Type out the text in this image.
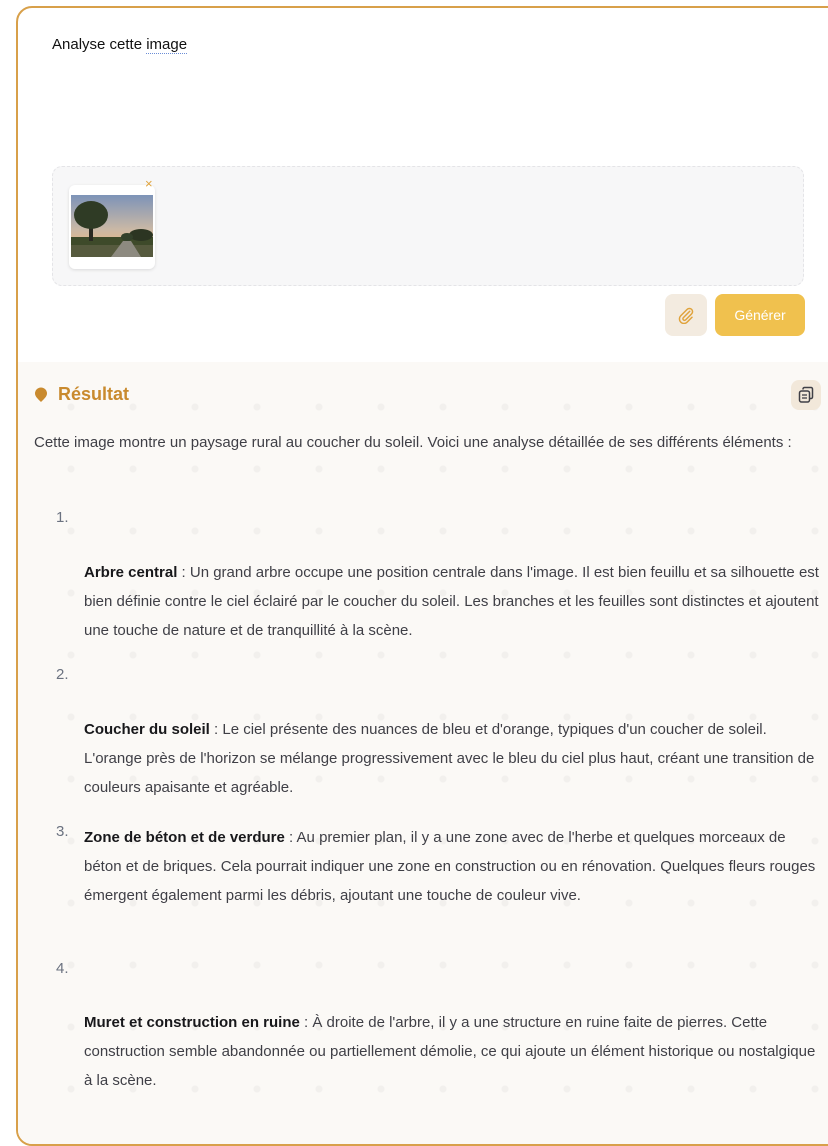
Analyse cette image
×
Générer
Résultat
Cette image montre un paysage rural au coucher du soleil. Voici une analyse détaillée de ses différents éléments :
1.
Arbre central : Un grand arbre occupe une position centrale dans l'image. Il est bien feuillu et sa silhouette est bien définie contre le ciel éclairé par le coucher du soleil. Les branches et les feuilles sont distinctes et ajoutent une touche de nature et de tranquillité à la scène.
2.
Coucher du soleil : Le ciel présente des nuances de bleu et d'orange, typiques d'un coucher de soleil. L'orange près de l'horizon se mélange progressivement avec le bleu du ciel plus haut, créant une transition de couleurs apaisante et agréable.
3. Zone de béton et de verdure : Au premier plan, il y a une zone avec de l'herbe et quelques morceaux de béton et de briques. Cela pourrait indiquer une zone en construction ou en rénovation. Quelques fleurs rouges émergent également parmi les débris, ajoutant une touche de couleur vive.
4.
Muret et construction en ruine : À droite de l'arbre, il y a une structure en ruine faite de pierres. Cette construction semble abandonnée ou partiellement démolie, ce qui ajoute un élément historique ou nostalgique à la scène.
